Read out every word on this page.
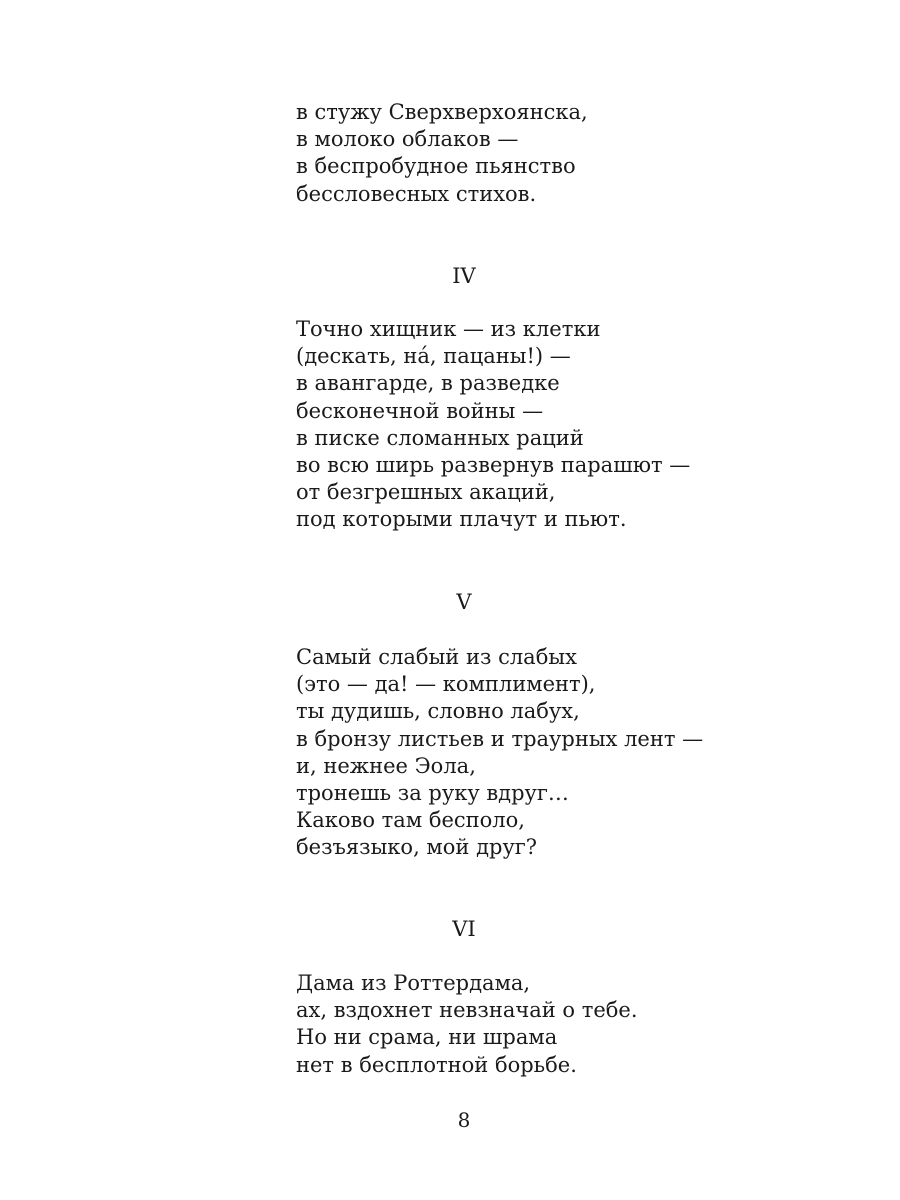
в стужу Сверхверхоянска,
в молоко облаков —
в беспробудное пьянство
бессловесных стихов.
IV
Точно хищник — из клетки
(дескать, на́, пацаны!) —
в авангарде, в разведке
бесконечной войны —
в писке сломанных раций
во всю ширь развернув парашют —
от безгрешных акаций,
под которыми плачут и пьют.
V
Самый слабый из слабых
(это — да! — комплимент),
ты дудишь, словно лабух,
в бронзу листьев и траурных лент —
и, нежнее Эола,
тронешь за руку вдруг…
Каково там бесполо,
безъязыко, мой друг?
VI
Дама из Роттердама,
ах, вздохнет невзначай о тебе.
Но ни срама, ни шрама
нет в бесплотной борьбе.
8
